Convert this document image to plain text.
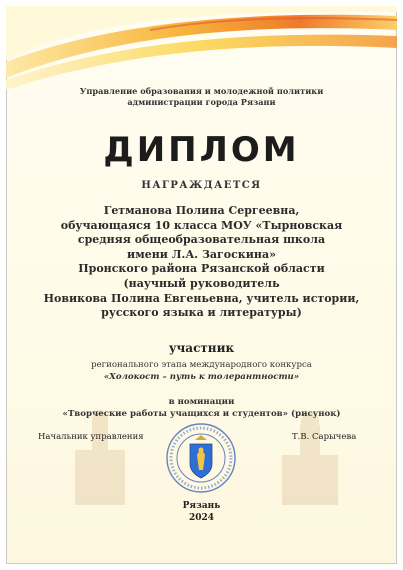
Управление образования и молодежной политики
администрации города Рязани
ДИПЛОМ
НАГРАЖДАЕТСЯ
Гетманова Полина Сергеевна,
обучающаяся 10 класса МОУ «Тырновская
средняя общеобразовательная школа
имени Л.А. Загоскина»
Пронского района Рязанской области
(научный руководитель
Новикова Полина Евгеньевна, учитель истории,
русского языка и литературы)
участник
регионального этапа международного конкурса
«Холокост – путь к толерантности»
в номинации
«Творческие работы учащихся и студентов» (рисунок)
Начальник управления	Т.В. Сарычева
Рязань
2024
